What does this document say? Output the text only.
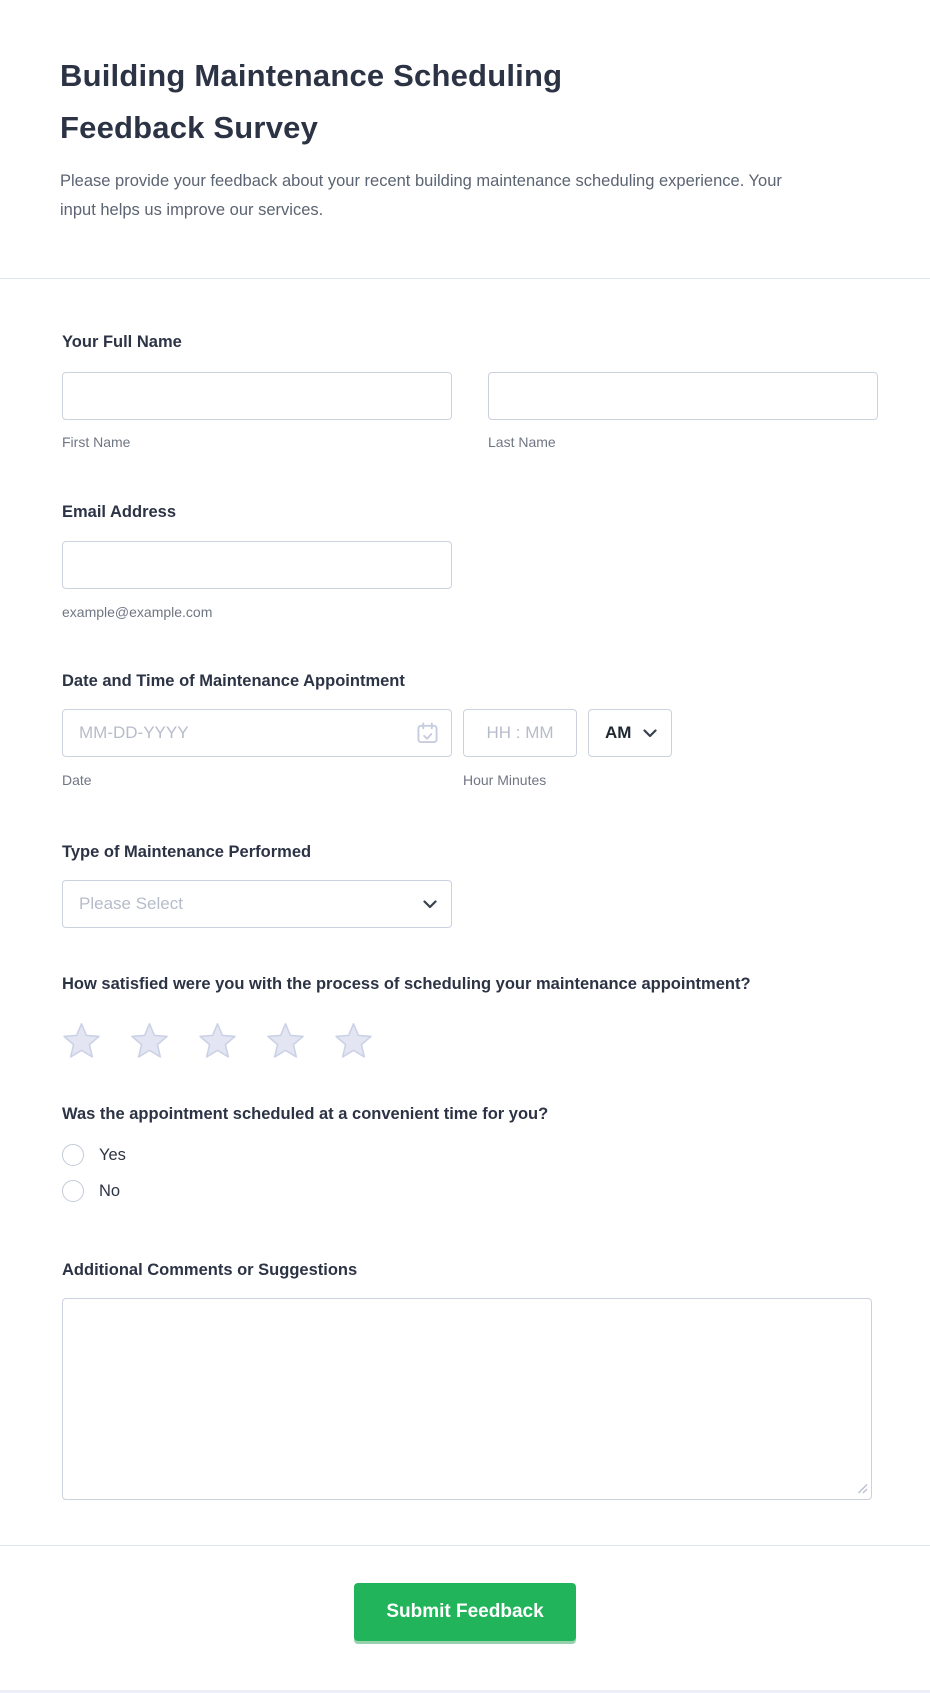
Building Maintenance Scheduling Feedback Survey

Please provide your feedback about your recent building maintenance scheduling experience. Your input helps us improve our services.

Your Full Name
First Name	Last Name
Email Address
example@example.com
Date and Time of Maintenance Appointment
MM-DD-YYYY
Date
HH : MM	Hour Minutes
AM
Type of Maintenance Performed
Please Select
How satisfied were you with the process of scheduling your maintenance appointment?
Was the appointment scheduled at a convenient time for you?
Yes
No
Additional Comments or Suggestions
Submit Feedback
